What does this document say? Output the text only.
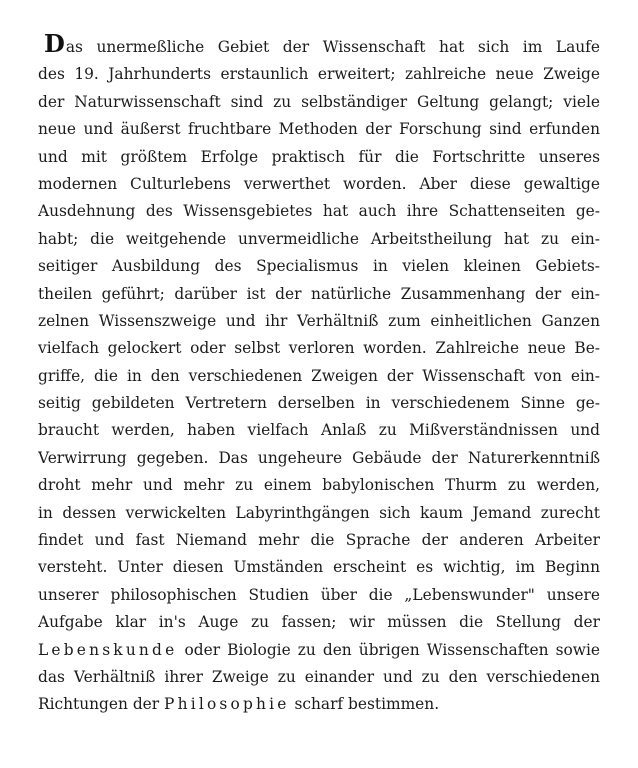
Das unermeßliche Gebiet der Wissenschaft hat sich im Laufe
des 19. Jahrhunderts erstaunlich erweitert; zahlreiche neue Zweige
der Naturwissenschaft sind zu selbständiger Geltung gelangt; viele
neue und äußerst fruchtbare Methoden der Forschung sind erfunden
und mit größtem Erfolge praktisch für die Fortschritte unseres
modernen Culturlebens verwerthet worden. Aber diese gewaltige
Ausdehnung des Wissensgebietes hat auch ihre Schattenseiten ge-
habt; die weitgehende unvermeidliche Arbeitstheilung hat zu ein-
seitiger Ausbildung des Specialismus in vielen kleinen Gebiets-
theilen geführt; darüber ist der natürliche Zusammenhang der ein-
zelnen Wissenszweige und ihr Verhältniß zum einheitlichen Ganzen
vielfach gelockert oder selbst verloren worden. Zahlreiche neue Be-
griffe, die in den verschiedenen Zweigen der Wissenschaft von ein-
seitig gebildeten Vertretern derselben in verschiedenem Sinne ge-
braucht werden, haben vielfach Anlaß zu Mißverständnissen und
Verwirrung gegeben. Das ungeheure Gebäude der Naturerkenntniß
droht mehr und mehr zu einem babylonischen Thurm zu werden,
in dessen verwickelten Labyrinthgängen sich kaum Jemand zurecht
findet und fast Niemand mehr die Sprache der anderen Arbeiter
versteht. Unter diesen Umständen erscheint es wichtig, im Beginn
unserer philosophischen Studien über die „Lebenswunder" unsere
Aufgabe klar in's Auge zu fassen; wir müssen die Stellung der
Lebenskunde oder Biologie zu den übrigen Wissenschaften sowie
das Verhältniß ihrer Zweige zu einander und zu den verschiedenen
Richtungen der Philosophie scharf bestimmen.
